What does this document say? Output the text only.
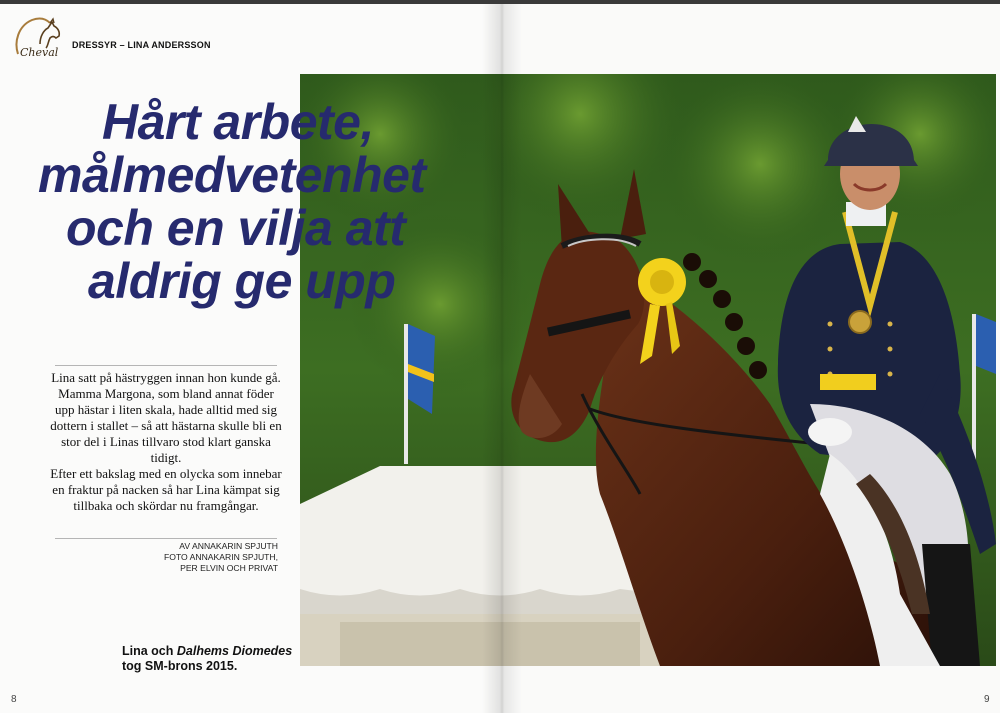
Cheval
DRESSYR – LINA ANDERSSON
Hårt arbete,
målmedvetenhet
och en vilja att
aldrig ge upp

Lina satt på hästryggen innan hon kunde gå. Mamma Margona, som bland annat föder upp hästar i liten skala, hade alltid med sig dottern i stallet – så att hästarna skulle bli en stor del i Linas tillvaro stod klart ganska tidigt.

Efter ett bakslag med en olycka som innebar en fraktur på nacken så har Lina kämpat sig tillbaka och skördar nu framgångar.

AV ANNAKARIN SPJUTH
FOTO ANNAKARIN SPJUTH,
PER ELVIN OCH PRIVAT
Lina och Dalhems Diomedes
tog SM-brons 2015.
8	9
